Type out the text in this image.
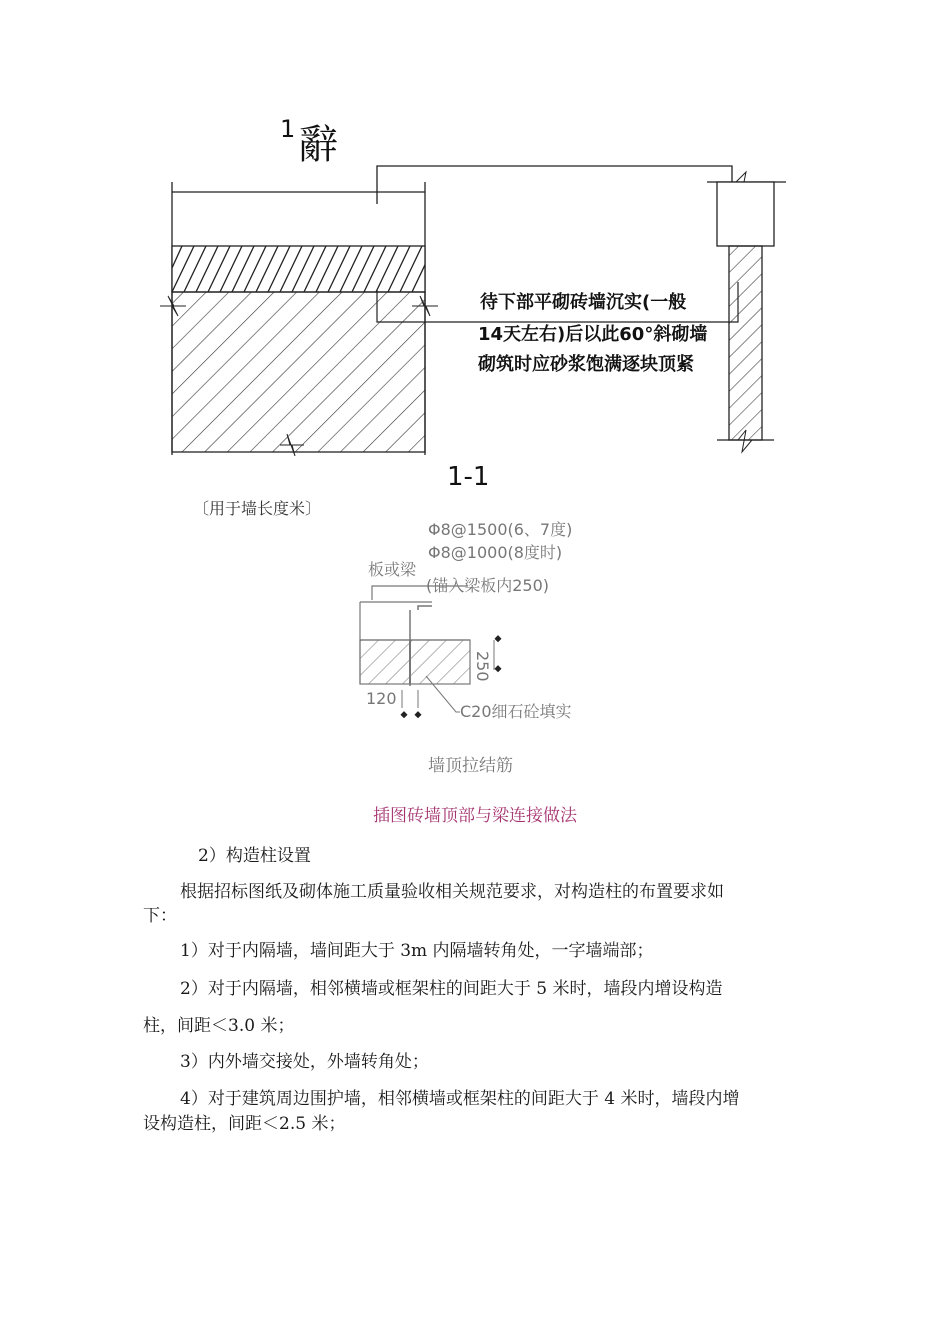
1 辭
待下部平砌砖墙沉实(一般
14天左右)后以此60°斜砌墙
砌筑时应砂浆饱满逐块顶紧
1-1
〔用于墙长度米〕
Φ8@1500(6、7度)
Φ8@1000(8度时)
板或梁
(锚入梁板内250)
250
120
C20细石砼填实
墙顶拉结筋
插图砖墙顶部与梁连接做法
2）构造柱设置
根据招标图纸及砌体施工质量验收相关规范要求，对构造柱的布置要求如
下：
1）对于内隔墙，墙间距大于 3m 内隔墙转角处，一字墙端部；
2）对于内隔墙，相邻横墙或框架柱的间距大于 5 米时，墙段内增设构造
柱，间距＜3.0 米；
3）内外墙交接处，外墙转角处；
4）对于建筑周边围护墙，相邻横墙或框架柱的间距大于 4 米时，墙段内增
设构造柱，间距＜2.5 米；
